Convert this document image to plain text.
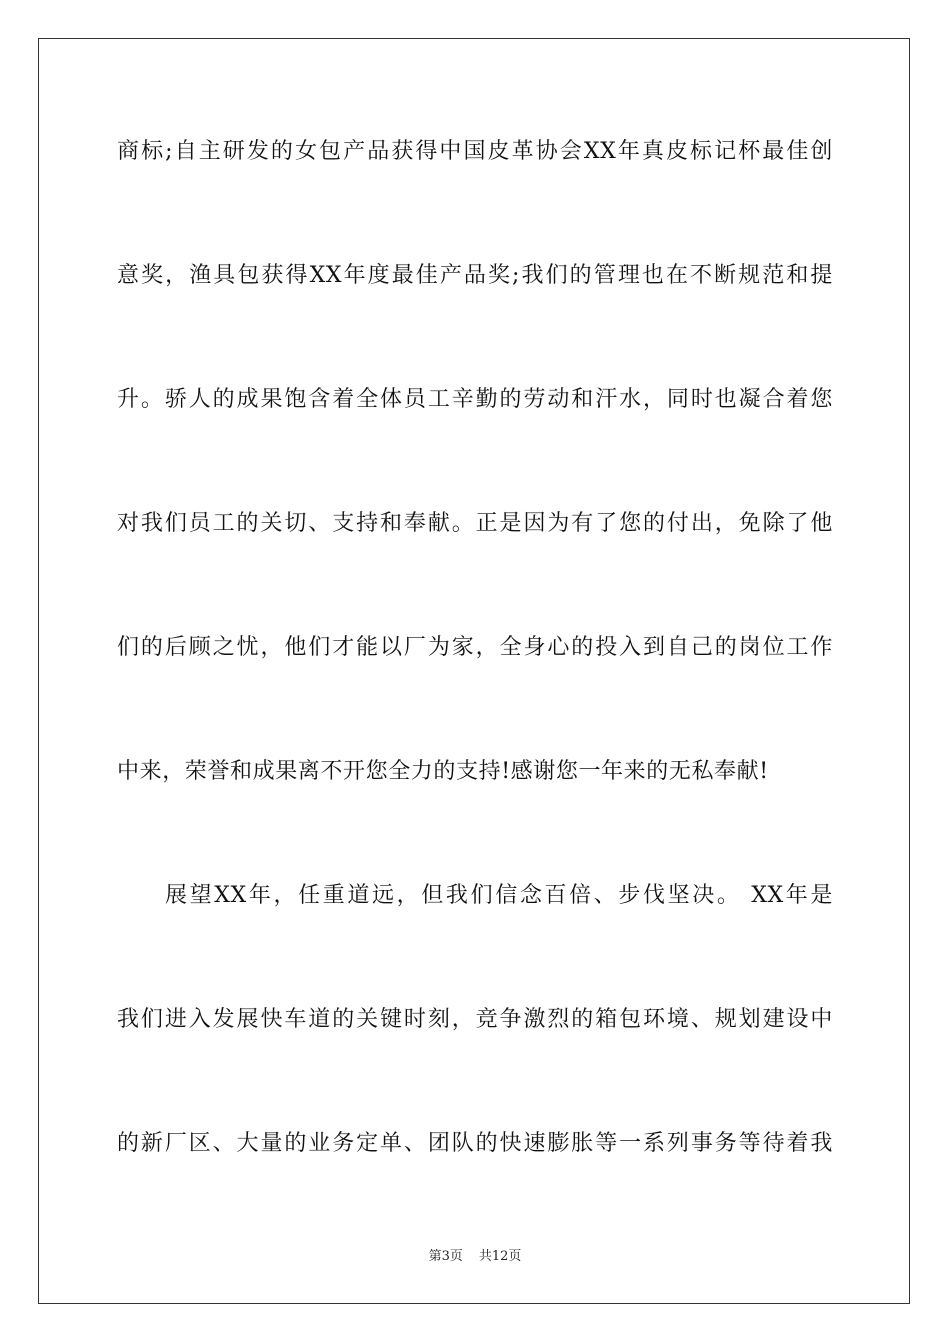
商标;自主研发的女包产品获得中国皮革协会XX年真皮标记杯最佳创
意奖，渔具包获得XX年度最佳产品奖;我们的管理也在不断规范和提
升。骄人的成果饱含着全体员工辛勤的劳动和汗水，同时也凝合着您
对我们员工的关切、支持和奉献。正是因为有了您的付出，免除了他
们的后顾之忧，他们才能以厂为家，全身心的投入到自己的岗位工作
中来，荣誉和成果离不开您全力的支持!感谢您一年来的无私奉献!
展望XX年，任重道远，但我们信念百倍、步伐坚决。 XX年是
我们进入发展快车道的关键时刻，竞争激烈的箱包环境、规划建设中
的新厂区、大量的业务定单、团队的快速膨胀等一系列事务等待着我
第3页 共12页
